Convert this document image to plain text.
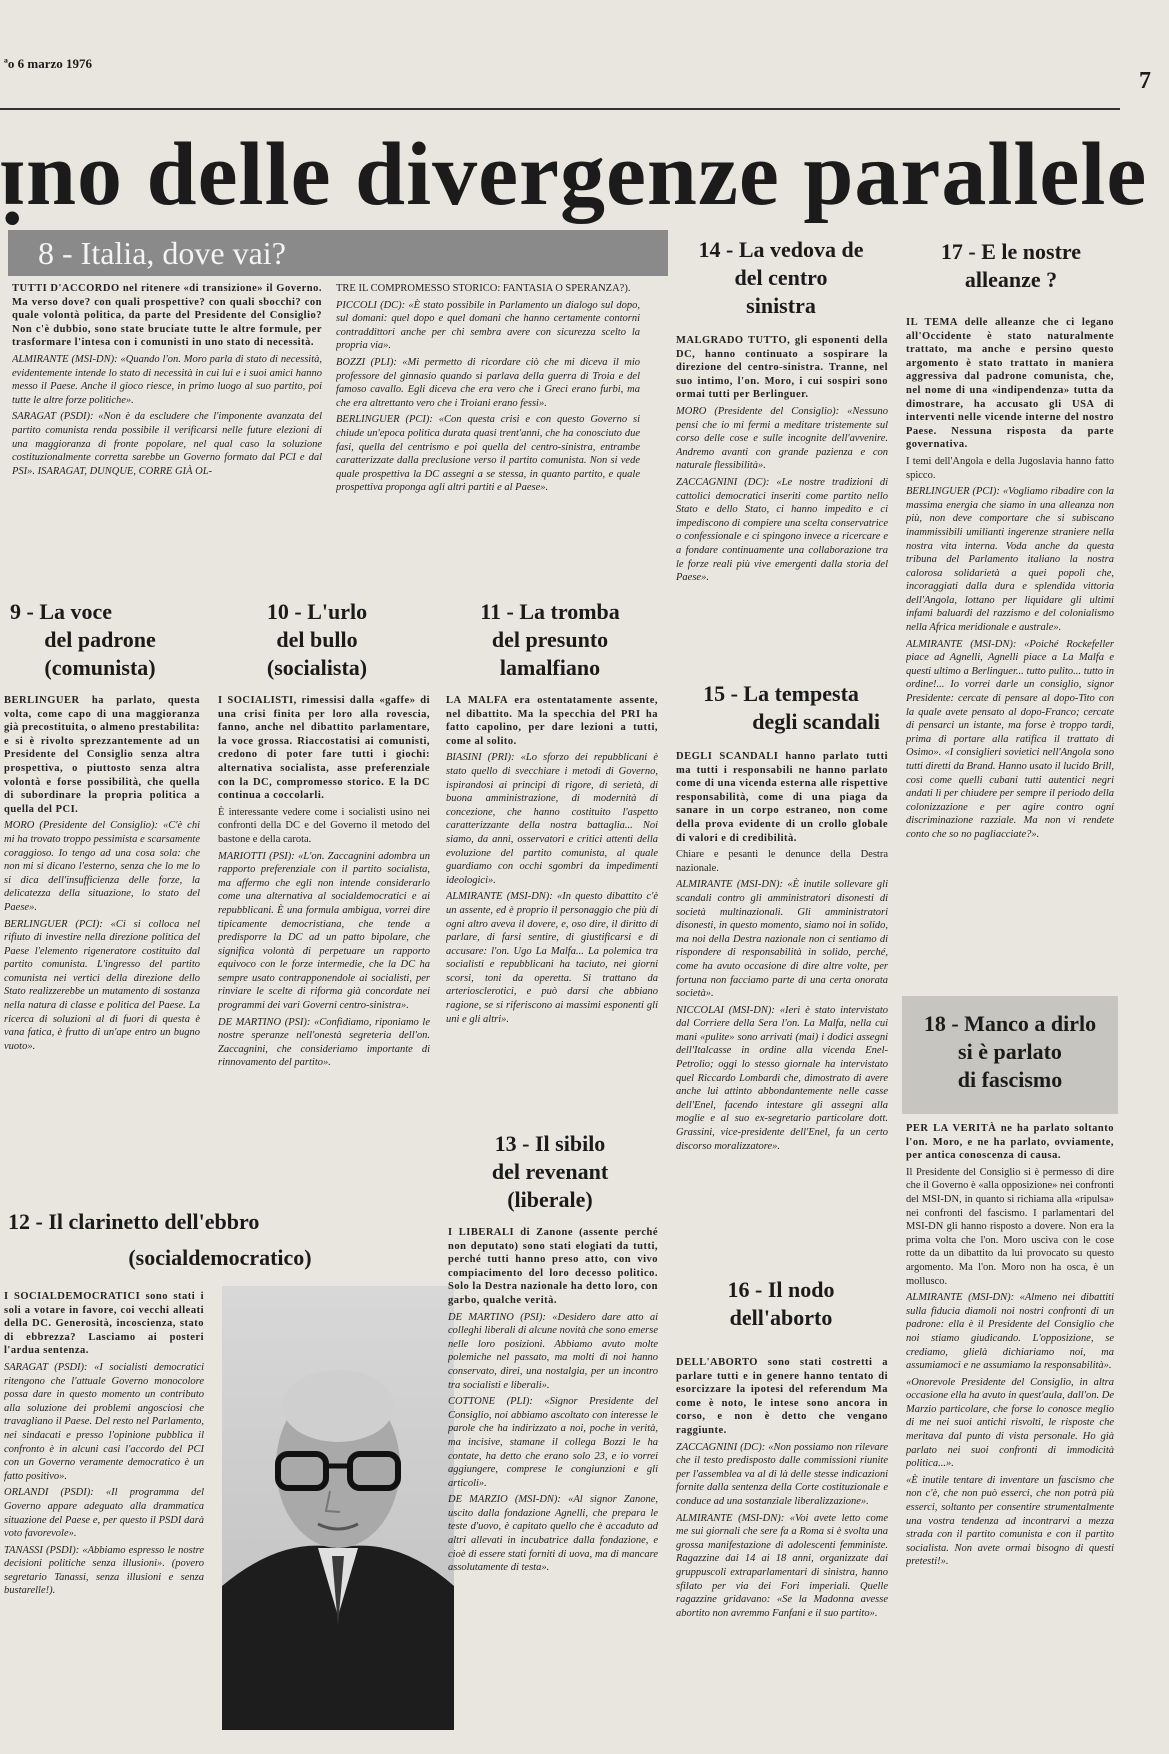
ªo 6 marzo 1976
7
ᴉno delle divergenze parallele
8 - Italia, dove vai?

TUTTI D'ACCORDO nel ritenere «di transizione» il Governo. Ma verso dove? con quali prospettive? con quali sbocchi? con quale volontà politica, da parte del Presidente del Consiglio? Non c'è dubbio, sono state bruciate tutte le altre formule, per trasformare l'intesa con i comunisti in uno stato di necessità.

ALMIRANTE (MSI-DN): «Quando l'on. Moro parla di stato di necessità, evidentemente intende lo stato di necessità in cui lui e i suoi amici hanno messo il Paese. Anche il gioco riesce, in primo luogo al suo partito, poi tutte le altre forze politiche».

SARAGAT (PSDI): «Non è da escludere che l'imponente avanzata del partito comunista renda possibile il verificarsi nelle future elezioni di una maggioranza di fronte popolare, nel qual caso la soluzione costituzionalmente corretta sarebbe un Governo formato dal PCI e dal PSI». ISARAGAT, DUNQUE, CORRE GIÀ OL-

TRE IL COMPROMESSO STORICO: FANTASIA O SPERANZA?).

PICCOLI (DC): «È stato possibile in Parlamento un dialogo sul dopo, sul domani: quel dopo e quel domani che hanno certamente contorni contraddittori anche per chi sembra avere con sicurezza scelto la propria via».

BOZZI (PLI): «Mi permetto di ricordare ciò che mi diceva il mio professore del ginnasio quando si parlava della guerra di Troia e del famoso cavallo. Egli diceva che era vero che i Greci erano furbi, ma che era altrettanto vero che i Troiani erano fessi».

BERLINGUER (PCI): «Con questa crisi e con questo Governo si chiude un'epoca politica durata quasi trent'anni, che ha conosciuto due fasi, quella del centrismo e poi quella del centro-sinistra, entrambe caratterizzate dalla preclusione verso il partito comunista. Non si vede quale prospettiva la DC assegni a se stessa, in quanto partito, e quale prospettiva proponga agli altri partiti e al Paese».

9 - La voce
del padrone
(comunista)

BERLINGUER ha parlato, questa volta, come capo di una maggioranza già precostituita, o almeno prestabilita: e si è rivolto sprezzantemente ad un Presidente del Consiglio senza altra prospettiva, o piuttosto senza altra volontà e forse possibilità, che quella di subordinare la propria politica a quella del PCI.

MORO (Presidente del Consiglio): «C'è chi mi ha trovato troppo pessimista e scarsamente coraggioso. Io tengo ad una cosa sola: che non mi si dicano l'esterno, senza che lo me lo si dica dell'insufficienza delle forze, la delicatezza della situazione, lo stato del Paese».

BERLINGUER (PCI): «Ci si colloca nel rifiuto di investire nella direzione politica del Paese l'elemento rigeneratore costituito dal partito comunista. L'ingresso del partito comunista nei vertici della direzione dello Stato realizzerebbe un mutamento di sostanza nella natura di classe e politica del Paese. La ricerca di soluzioni al di fuori di questa è vana fatica, è frutto di un'ape entro un bugno vuoto».

10 - L'urlo
del bullo
(socialista)

I SOCIALISTI, rimessisi dalla «gaffe» di una crisi finita per loro alla rovescia, fanno, anche nel dibattito parlamentare, la voce grossa. Riaccostatisi ai comunisti, credono di poter fare tutti i giochi: alternativa socialista, asse preferenziale con la DC, compromesso storico. E la DC continua a coccolarli.

È interessante vedere come i socialisti usino nei confronti della DC e del Governo il metodo del bastone e della carota.

MARIOTTI (PSI): «L'on. Zaccagnini adombra un rapporto preferenziale con il partito socialista, ma affermo che egli non intende considerarlo come una alternativa al socialdemocratici e ai repubblicani. È una formula ambigua, vorrei dire tipicamente democristiana, che tende a predisporre la DC ad un patto bipolare, che significa volontà di perpetuare un rapporto equivoco con le forze intermedie, che la DC ha sempre usato contrapponendole ai socialisti, per rinviare le scelte di riforma già concordate nei programmi dei vari Governi centro-sinistra».

DE MARTINO (PSI): «Confidiamo, riponiamo le nostre speranze nell'onestà segreteria dell'on. Zaccagnini, che consideriamo importante di rinnovamento del partito».

11 - La tromba
del presunto
lamalfiano

LA MALFA era ostentatamente assente, nel dibattito. Ma la specchia del PRI ha fatto capolino, per dare lezioni a tutti, come al solito.

BIASINI (PRI): «Lo sforzo dei repubblicani è stato quello di svecchiare i metodi di Governo, ispirandosi ai principi di rigore, di serietà, di buona amministrazione, di modernità di concezione, che hanno costituito l'aspetto caratterizzante della nostra battaglia... Noi siamo, da anni, osservatori e critici attenti della evoluzione del partito comunista, al quale guardiamo con occhi sgombri da impedimenti ideologici».

ALMIRANTE (MSI-DN): «In questo dibattito c'è un assente, ed è proprio il personaggio che più di ogni altro aveva il dovere, e, oso dire, il diritto di parlare, di farsi sentire, di giustificarsi e di accusare: l'on. Ugo La Malfa... La polemica tra socialisti e repubblicani ha taciuto, nei giorni scorsi, toni da operetta. Si trattano da arteriosclerotici, e può darsi che abbiano ragione, se si riferiscono ai massimi esponenti gli uni e gli altri».

12 - Il clarinetto dell'ebbro
(socialdemocratico)

I SOCIALDEMOCRATICI sono stati i soli a votare in favore, coi vecchi alleati della DC. Generosità, incoscienza, stato di ebbrezza? Lasciamo ai posteri l'ardua sentenza.

SARAGAT (PSDI): «I socialisti democratici ritengono che l'attuale Governo monocolore possa dare in questo momento un contributo alla soluzione dei problemi angosciosi che travagliano il Paese. Del resto nel Parlamento, nei sindacati e presso l'opinione pubblica il confronto è in alcuni casi l'accordo del PCI con un Governo veramente democratico è un fatto positivo».

ORLANDI (PSDI): «Il programma del Governo appare adeguato alla drammatica situazione del Paese e, per questo il PSDI darà voto favorevole».

TANASSI (PSDI): «Abbiamo espresso le nostre decisioni politiche senza illusioni». (povero segretario Tanassi, senza illusioni e senza bustarelle!).

13 - Il sibilo
del revenant
(liberale)

I LIBERALI di Zanone (assente perché non deputato) sono stati elogiati da tutti, perché tutti hanno preso atto, con vivo compiacimento del loro decesso politico. Solo la Destra nazionale ha detto loro, con garbo, qualche verità.

DE MARTINO (PSI): «Desidero dare atto ai colleghi liberali di alcune novità che sono emerse nelle loro posizioni. Abbiamo avuto molte polemiche nel passato, ma molti di noi hanno conservato, direi, una nostalgia, per un incontro tra socialisti e liberali».

COTTONE (PLI): «Signor Presidente del Consiglio, noi abbiamo ascoltato con interesse le parole che ha indirizzato a noi, poche in verità, ma incisive, stamane il collega Bozzi le ha contate, ha detto che erano solo 23, e io vorrei aggiungere, comprese le congiunzioni e gli articoli».

DE MARZIO (MSI-DN): «Al signor Zanone, uscito dalla fondazione Agnelli, che prepara le teste d'uovo, è capitato quello che è accaduto ad altri allevati in incubatrice dalla fondazione, e cioè di essere stati forniti di uova, ma di mancare assolutamente di testa».

14 - La vedova de
del centro
sinistra

MALGRADO TUTTO, gli esponenti della DC, hanno continuato a sospirare la direzione del centro-sinistra. Tranne, nel suo intimo, l'on. Moro, i cui sospiri sono ormai tutti per Berlinguer.

MORO (Presidente del Consiglio): «Nessuno pensi che io mi fermi a meditare tristemente sul corso delle cose e sulle incognite dell'avvenire. Andremo avanti con grande pazienza e con naturale flessibilità».

ZACCAGNINI (DC): «Le nostre tradizioni di cattolici democratici inseriti come partito nello Stato e dello Stato, ci hanno impedito e ci impediscono di compiere una scelta conservatrice o confessionale e ci spingono invece a ricercare e a fondare continuamente una collaborazione tra le forze reali più vive emergenti dalla storia del Paese».

15 - La tempesta
degli scandali

DEGLI SCANDALI hanno parlato tutti ma tutti i responsabili ne hanno parlato come di una vicenda esterna alle rispettive responsabilità, come di una piaga da sanare in un corpo estraneo, non come della prova evidente di un crollo globale di valori e di credibilità.

Chiare e pesanti le denunce della Destra nazionale.

ALMIRANTE (MSI-DN): «È inutile sollevare gli scandali contro gli amministratori disonesti di società multinazionali. Gli amministratori disonesti, in questo momento, siamo noi in solido, ma noi della Destra nazionale non ci sentiamo di rispondere di responsabilità in solido, perché, come ha avuto occasione di dire altre volte, per fortuna non facciamo parte di una certa onorata società».

NICCOLAI (MSI-DN): «Ieri è stato intervistato dal Corriere della Sera l'on. La Malfa, nella cui mani «pulite» sono arrivati (mai) i dodici assegni dell'Italcasse in ordine alla vicenda Enel-Petrolio; oggi lo stesso giornale ha intervistato quel Riccardo Lombardi che, dimostrato di avere anche lui attinto abbondantemente nelle casse dell'Enel, facendo intestare gli assegni alla moglie e al suo ex-segretario particolare dott. Grassini, vice-presidente dell'Enel, fa un certo discorso moralizzatore».

16 - Il nodo
dell'aborto

DELL'ABORTO sono stati costretti a parlare tutti e in genere hanno tentato di esorcizzare la ipotesi del referendum Ma come è noto, le intese sono ancora in corso, e non è detto che vengano raggiunte.

ZACCAGNINI (DC): «Non possiamo non rilevare che il testo predisposto dalle commissioni riunite per l'assemblea va al di là delle stesse indicazioni fornite dalla sentenza della Corte costituzionale e conduce ad una sostanziale liberalizzazione».

ALMIRANTE (MSI-DN): «Voi avete letto come me sui giornali che sere fa a Roma si è svolta una grossa manifestazione di adolescenti femministe. Ragazzine dai 14 ai 18 anni, organizzate dai gruppuscoli extraparlamentari di sinistra, hanno sfilato per via dei Fori imperiali. Quelle ragazzine gridavano: «Se la Madonna avesse abortito non avremmo Fanfani e il suo partito».

17 - E le nostre
alleanze ?

IL TEMA delle alleanze che ci legano all'Occidente è stato naturalmente trattato, ma anche e persino questo argomento è stato trattato in maniera aggressiva dal padrone comunista, che, nel nome di una «indipendenza» tutta da dimostrare, ha accusato gli USA di interventi nelle vicende interne del nostro Paese. Nessuna risposta da parte governativa.

I temi dell'Angola e della Jugoslavia hanno fatto spicco.

BERLINGUER (PCI): «Vogliamo ribadire con la massima energia che siamo in una alleanza non più, non deve comportare che si subiscano inammissibili umilianti ingerenze straniere nella nostra vita interna. Voda anche da questa tribuna del Parlamento italiano la nostra calorosa solidarietà a quei popoli che, incoraggiati dalla dura e splendida vittoria dell'Angola, lottano per liquidare gli ultimi infami baluardi del razzismo e del colonialismo nella Africa meridionale e australe».

ALMIRANTE (MSI-DN): «Poiché Rockefeller piace ad Agnelli, Agnelli piace a La Malfa e questi ultimo a Berlinguer... tutto pulito... tutto in ordine!... Io vorrei darle un consiglio, signor Presidente: cercate di pensare al dopo-Tito con la quale avete pensato al dopo-Franco; cercate di pensarci un istante, ma forse è troppo tardi, prima di portare alla ratifica il trattato di Osimo». «I consiglieri sovietici nell'Angola sono tutti diretti da Brand. Hanno usato il lucido Brill, così come quelli cubani tutti autentici negri andati lì per chiudere per sempre il periodo della colonizzazione e per agire contro ogni discriminazione razziale. Ma non vi rendete conto che so no pagliacciate?».

18 - Manco a dirlo
si è parlato
di fascismo

PER LA VERITÀ ne ha parlato soltanto l'on. Moro, e ne ha parlato, ovviamente, per antica conoscenza di causa.

Il Presidente del Consiglio si è permesso di dire che il Governo è «alla opposizione» nei confronti del MSI-DN, in quanto si richiama alla «ripulsa» nei confronti del fascismo. I parlamentari del MSI-DN gli hanno risposto a dovere. Non era la prima volta che l'on. Moro usciva con le cose rotte da un dibattito da lui provocato su questo argomento. Ma l'on. Moro non ha osca, è un molluscο.

ALMIRANTE (MSI-DN): «Almeno nei dibattiti sulla fiducia diamoli noi nostri confronti di un padrone: ella è il Presidente del Consiglio che noi stiamo giudicando. L'opposizione, se crediamo, glielà dichiariamo noi, ma assumiamoci e ne assumiamo la responsabilità».

«Onorevole Presidente del Consiglio, in altra occasione ella ha avuto in quest'aula, dall'on. De Marzio particolare, che forse lo conosce meglio di me nei suoi antichi risvolti, le risposte che meritava dal punto di vista personale. Ho già parlato nei suoi confronti di immodicità politica...».

«È inutile tentare di inventare un fascismo che non c'è, che non può esserci, che non potrà più esserci, soltanto per consentire strumentalmente una vostra tendenza ad incontrarvi a mezza strada con il partito comunista e con il partito socialista. Non avete ormai bisogno di questi pretesti!».
